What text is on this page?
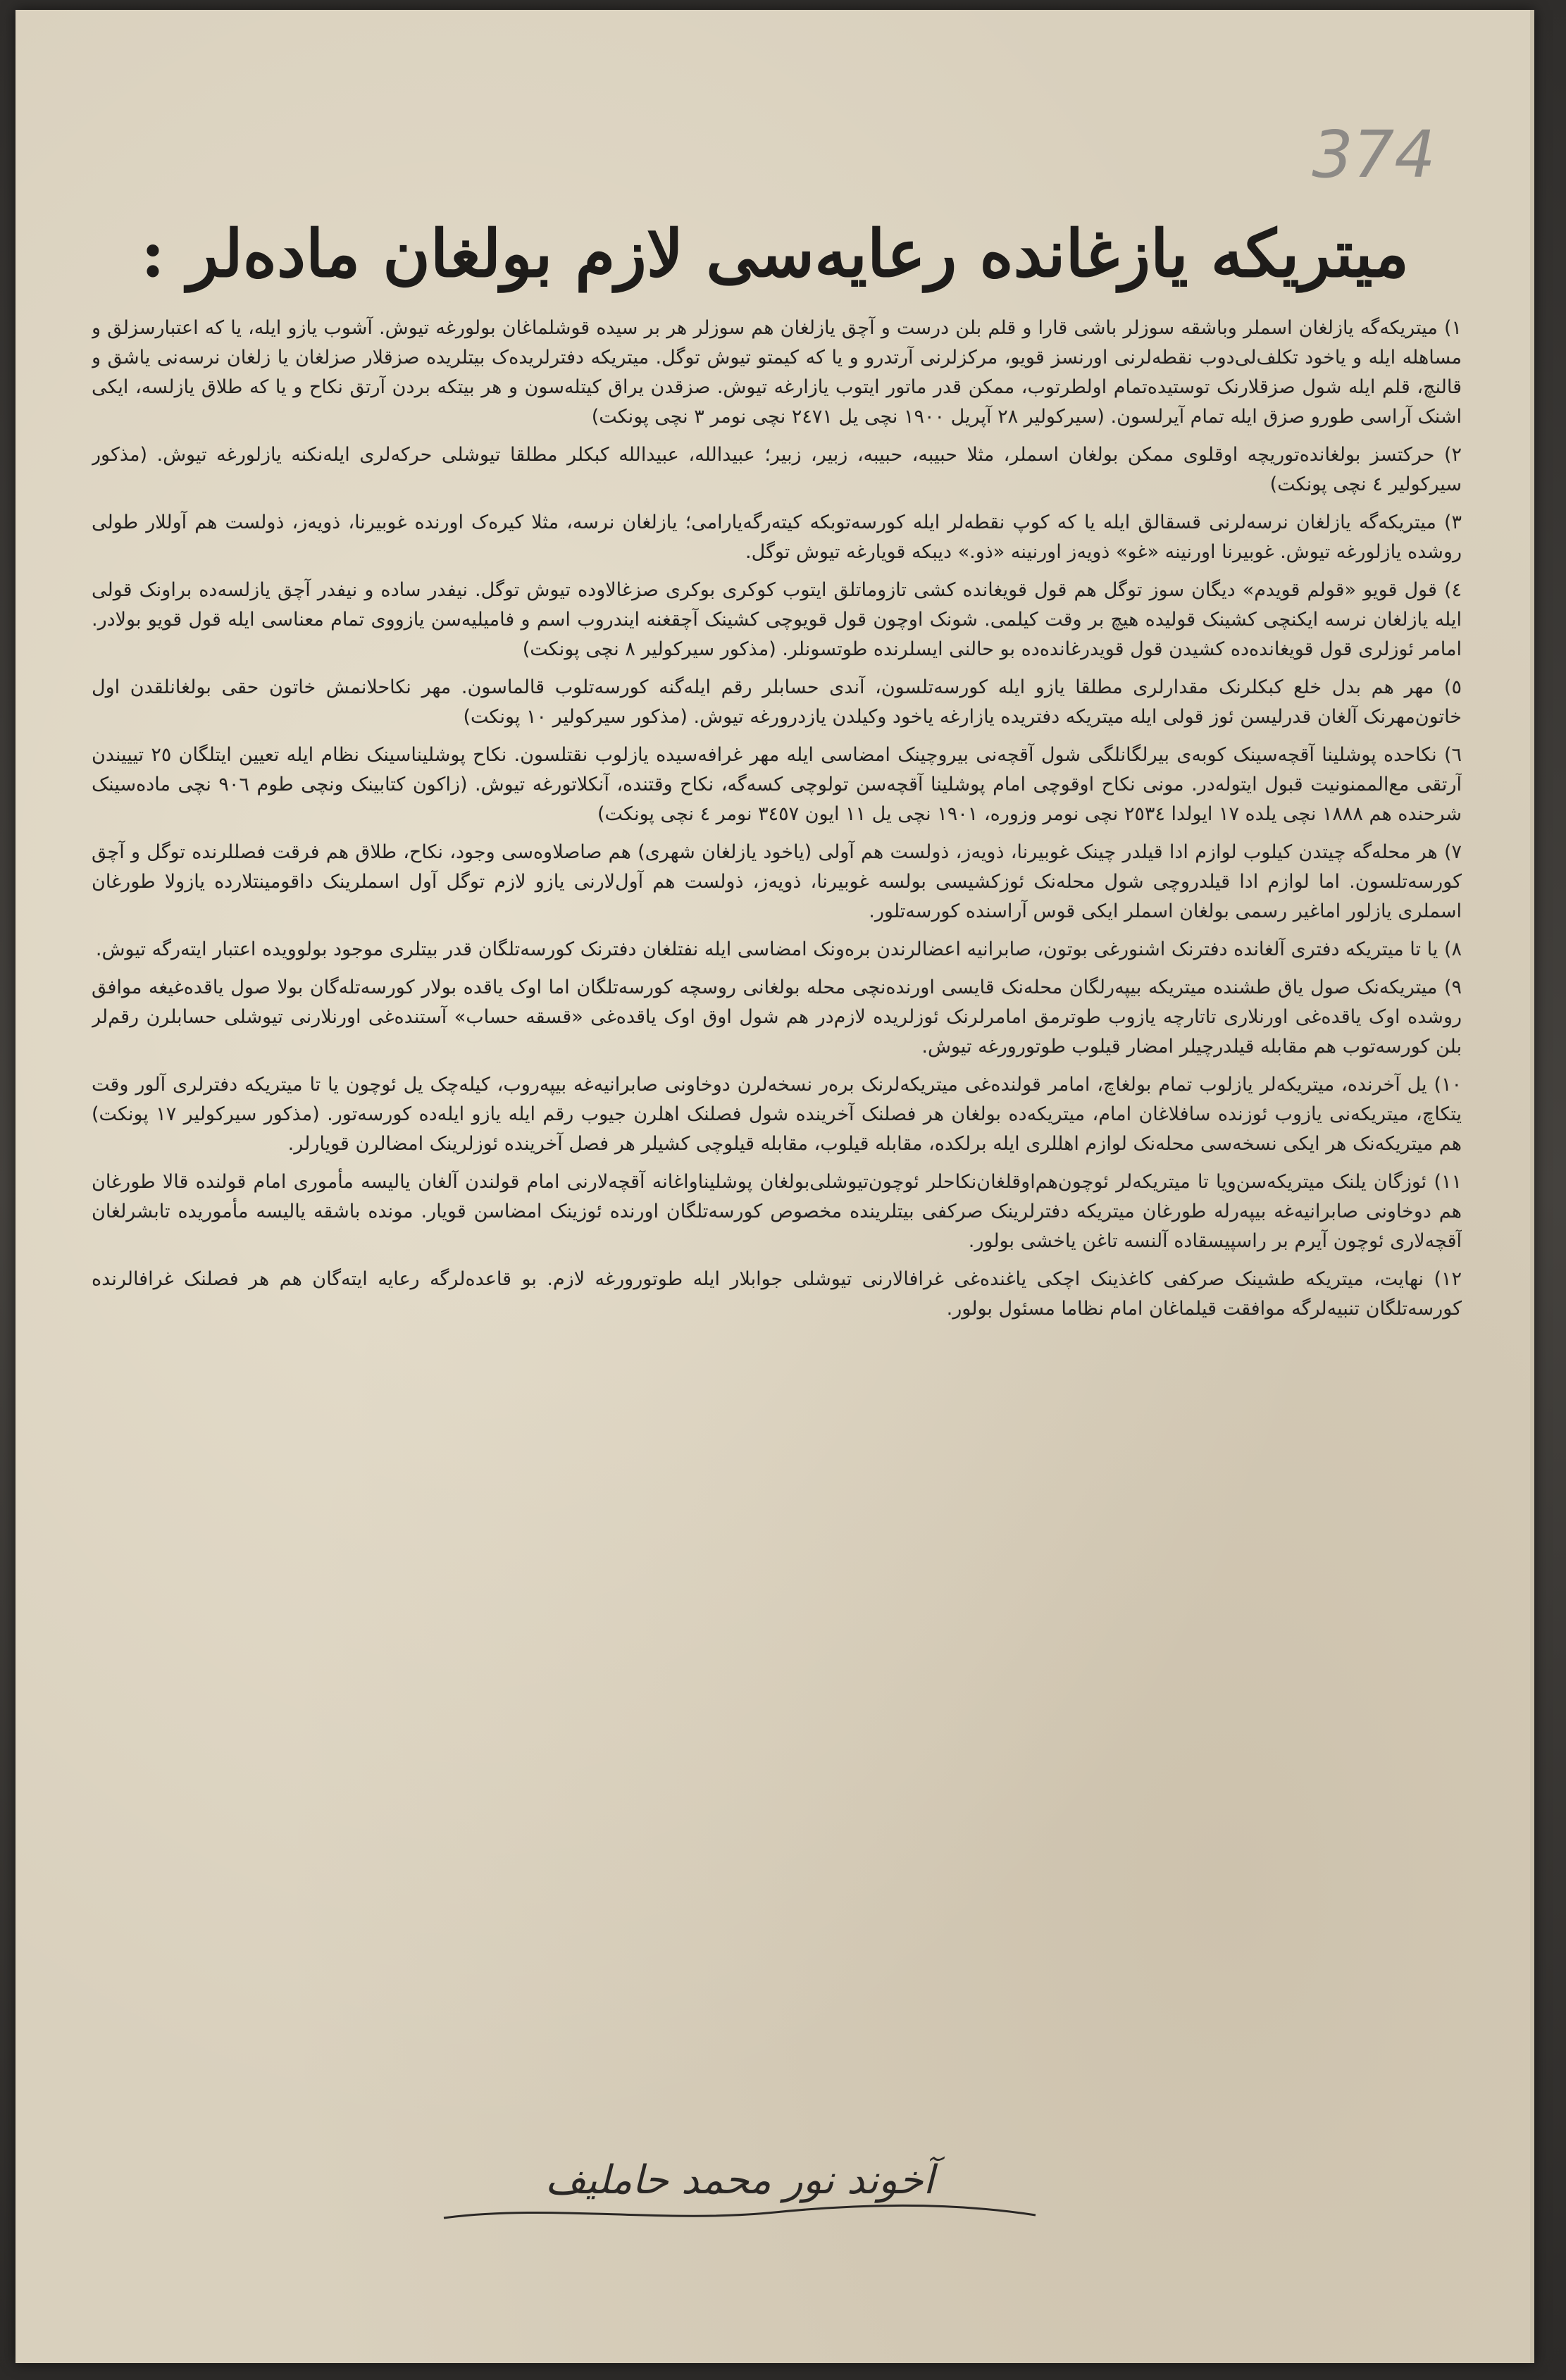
374
میتریکه یازغانده رعایه‌سی لازم بولغان ماده‌لر :

١) میتریکه‌گه یازلغان اسملر وباشقه سوزلر باشی قارا و قلم بلن درست و آچق یازلغان هم سوزلر هر بر سیده قوشلماغان بولورغه تیوش. آشوب یازو ایله، یا که اعتبارسزلق و مساهله ایله و یاخود تکلف‌لی‌دوب نقطه‌لرنی اورنسز قویو، مرکزلرنی آرتدرو و یا که کیمتو تیوش تو‌گل. میتریکه دفترلریده‌ک بیتلریده صزقلار صزلغان یا زلغان نرسه‌نی یاشق و قالنچ، قلم ایله شول صزقلارنک توستیده‌تمام اولطرتوب، ممکن قدر ماتور ایتوب یازارغه تیوش. صزقدن یراق کیتله‌سون و هر بیتکه بردن آرتق نکاح و یا که طلاق یازلسه، ایکی اشنک آراسی طورو صزق ایله تمام آیرلسون. (سیرکولیر ٢٨ آپریل ١٩٠٠ نچی یل ٢٤٧١ نچی نومر ٣ نچی پونکت)

٢) حرکتسز بولغانده‌توریچه اوقلوی ممکن بولغان اسملر، مثلا حبیبه، حبیبه، زبیر، زبیر؛ عبیدالله، عبیدالله کبکلر مطلقا تیوشلی حرکه‌لری ایله‌نکنه یازلورغه تیوش. (مذکور سیرکولیر ٤ نچی پونکت)

٣) میتریکه‌گه یازلغان نرسه‌لرنی قسقالق ایله یا که کوپ نقطه‌لر ایله کورسه‌توبکه کیته‌رگه‌یارامی؛ یازلغان نرسه، مثلا کیره‌ک اورنده غوبیرنا، ذویه‌ز، ذولست هم آوللار طولی روشده یازلورغه تیوش. غوبیرنا اورنینه «غو» ذویه‌ز اورنینه «ذو.» دیبکه قویارغه تیوش تو‌گل.

٤) قول قویو «قولم قویدم» دیگان سوز تو‌گل هم قول قویغانده کشی تاز‌وماتلق ایتوب کو‌کری بوکری صزغالاوده تیوش تو‌گل. نیفدر ساده و نیفدر آچق یازلسه‌ده براونک قولی ایله یازلغان نرسه ایکنچی کشینک قولیده هیچ بر وقت کیلمی. شونک اوچون قول قویوچی کشینک آچقغنه ایندروب اسم و فامیلیه‌سن یازووی تمام معناسی ایله قول قویو بولادر. امامر ئوزلری قول قویغانده‌ده کشیدن قول قویدرغانده‌ده بو حالنی ایسلرنده طوتسونلر. (مذکور سیرکولیر ٨ نچی پونکت)

٥) مهر هم بدل خلع کبکلرنک مقدارلری مطلقا یازو ایله کورسه‌تلسون، آندی حسابلر رقم ایله‌گنه کورسه‌تلوب قالماسون. مهر نکاحلانمش خاتون حقی بولغانلقدن اول خاتون‌مهرنک آلغان قدرلیسن ئوز قولی ایله میتریکه دفتریده یازارغه یاخود وکیلدن یازدرورغه تیوش. (مذکور سیرکولیر ١٠ پونکت)

٦) نکاحده پوشلینا آقچه‌سینک کوبه‌ی بیرلگانلگی شول آقچه‌نی بیروچینک امضاسی ایله مهر غرافه‌سیده یازلوب نقتلسون. نکاح پوشلیناسینک نظام ایله تعیین ایتلگان ٢٥ تیییندن آرتقی مع‌الممنونیت قبول ایتوله‌در. مونی نکاح اوقوچی امام پوشلینا آقچه‌سن تولوچی کسه‌گه، نکاح وقتنده، آنکلاتورغه تیوش. (زاکون کتابینک ونچی طوم ٩٠٦ نچی ماده‌سینک شرحنده هم ١٨٨٨ نچی یلده ١٧ ایولدا ٢٥٣٤ نچی نومر وزوره، ١٩٠١ نچی یل ١١ ایون ٣٤٥٧ نومر ٤ نچی پونکت)

٧) هر محله‌گه چیتدن کیلوب لوازم ادا قیلدر چینک غوبیرنا، ذویه‌ز، ذولست هم آولی (یاخود یازلغان شهری) هم صاصلاوه‌سی وجود، نکاح، طلاق هم فرقت فصللرنده توگل و آچق کورسه‌تلسون. اما لوازم ادا قیلدروچی شول محله‌نک ئوزکشیسی بولسه غوبیرنا، ذویه‌ز، ذولست هم آول‌لارنی یازو لازم تو‌گل آول اسملرینک داقومینتلارده یازولا طورغان اسملری یازلور اماغیر رسمی بولغان اسملر ایکی قوس آراسنده کورسه‌تلور.

٨) یا تا میتریکه دفتری آلغانده دفترنک اشنورغی بوتون، صابرانیه اعضالرندن بره‌ونک امضاسی ایله نفتلغان دفترنک کورسه‌تلگان قدر بیتلری موجود بولوویده اعتبار ایته‌رگه تیوش.

٩) میتریکه‌نک صول یاق طشنده میتریکه بیپه‌رلگان محله‌نک قایسی اورنده‌نچی محله بولغانی روسچه کورسه‌تلگان اما اوک یاقده بولار کورسه‌تله‌گان بولا صول یاقده‌غیغه موافق روشده اوک یاقده‌غی اورنلاری تاتارچه یازوب طوترمق امامرلرنک ئوزلریده لازم‌در هم شول اوق اوک یاقده‌غی «قسقه حساب» آستنده‌غی اورنلارنی تیوشلی حسابلرن رقم‌لر بلن کورسه‌توب هم مقابله قیلدرچیلر امضار قیلوب طوتورورغه تیوش.

١٠) یل آخرنده، میتریکه‌لر یازلوب تمام بولغاچ، امامر قولنده‌غی میتریکه‌لرنک بره‌ر نسخه‌لرن دوخاونی صابرانیه‌غه بیپه‌روب، کیله‌چک یل ئوچون یا تا میتریکه دفترلری آلور وقت یتکاچ، میتریکه‌نی یازوب ئوزنده سافلاغان امام، میتریکه‌ده بولغان هر فصلنک آخرینده شول فصلنک اهلرن جیوب رقم ایله یازو ایله‌ده کورسه‌تور. (مذکور سیرکولیر ١٧ پونکت) هم میتریکه‌نک هر ایکی نسخه‌سی محله‌نک لوازم اهللری ایله برلکده، مقابله قیلوب، مقابله قیلوچی کشیلر هر فصل آخرینده ئوزلرینک امضالرن قویارلر.

١١) ئوزگان یلنک میتریکه‌سن‌ویا تا میتریکه‌لر ئوچون‌هم‌اوقلغان‌نکاحلر ئوچون‌تیوشلی‌بولغان پوشلیناواغانه آقچه‌لارنی امام قولندن آلغان یالیسه مأموری امام قولنده قالا طورغان هم دوخاونی صابرانیه‌غه بیپه‌رله طورغان میتریکه دفترلرینک صرکفی بیتلرینده مخصوص کورسه‌تلگان اورنده ئوزینک امضاسن قویار. مونده باشقه یالیسه مأموریده تابشرلغان آقچه‌لاری ئوچون آیرم بر راسپیسقاده آلنسه تاغن یاخشی بولور.

١٢) نهایت، میتریکه طشینک صرکفی کاغذینک اچکی یاغنده‌غی غرافالارنی تیوشلی جوابلار ایله طوتورورغه لازم. بو قاعده‌لرگه رعایه ایته‌گان هم هر فصلنک غرافالرنده کورسه‌تلگان تنبیه‌لرگه موافقت قیلماغان امام نظاما مسئول بولور.

آخوند نور محمد حاملیف
